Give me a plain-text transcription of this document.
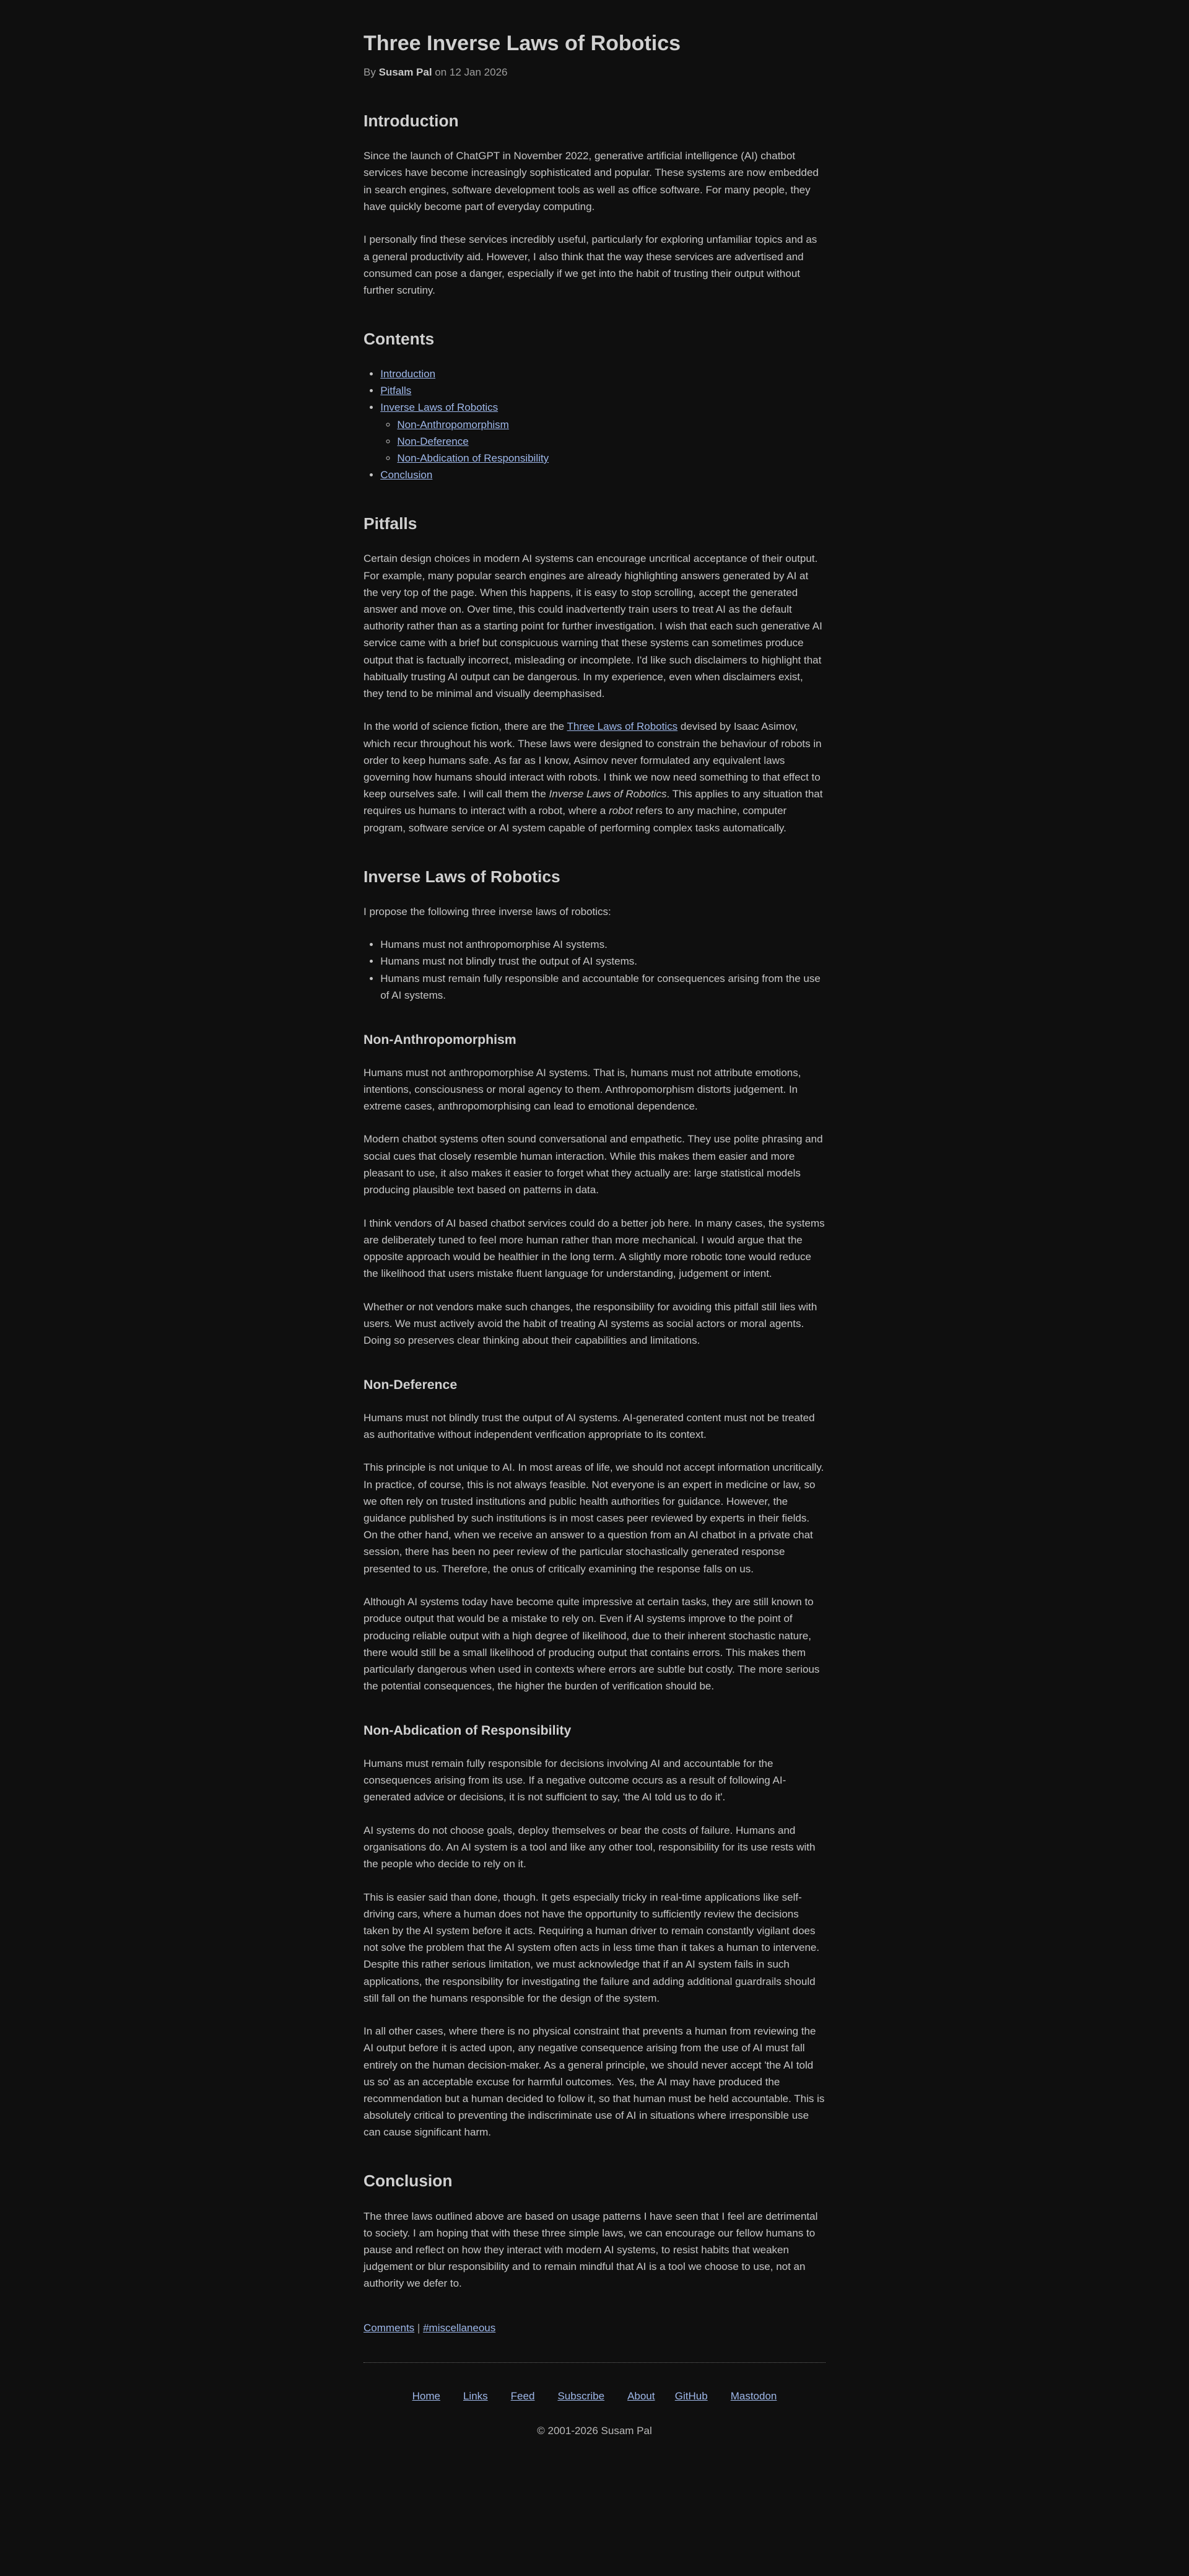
Three Inverse Laws of Robotics

By Susam Pal on 12 Jan 2026

Introduction

Since the launch of ChatGPT in November 2022, generative artificial intelligence (AI) chatbot services have become increasingly sophisticated and popular. These systems are now embedded in search engines, software development tools as well as office software. For many people, they have quickly become part of everyday computing.

I personally find these services incredibly useful, particularly for exploring unfamiliar topics and as a general productivity aid. However, I also think that the way these services are advertised and consumed can pose a danger, especially if we get into the habit of trusting their output without further scrutiny.

Contents
• Introduction
• Pitfalls
• Inverse Laws of Robotics
◦ Non-Anthropomorphism
◦ Non-Deference
◦ Non-Abdication of Responsibility
• Conclusion
Pitfalls

Certain design choices in modern AI systems can encourage uncritical acceptance of their output. For example, many popular search engines are already highlighting answers generated by AI at the very top of the page. When this happens, it is easy to stop scrolling, accept the generated answer and move on. Over time, this could inadvertently train users to treat AI as the default authority rather than as a starting point for further investigation. I wish that each such generative AI service came with a brief but conspicuous warning that these systems can sometimes produce output that is factually incorrect, misleading or incomplete. I'd like such disclaimers to highlight that habitually trusting AI output can be dangerous. In my experience, even when disclaimers exist, they tend to be minimal and visually deemphasised.

In the world of science fiction, there are the Three Laws of Robotics devised by Isaac Asimov, which recur throughout his work. These laws were designed to constrain the behaviour of robots in order to keep humans safe. As far as I know, Asimov never formulated any equivalent laws governing how humans should interact with robots. I think we now need something to that effect to keep ourselves safe. I will call them the Inverse Laws of Robotics. This applies to any situation that requires us humans to interact with a robot, where a robot refers to any machine, computer program, software service or AI system capable of performing complex tasks automatically.

Inverse Laws of Robotics

I propose the following three inverse laws of robotics:

• Humans must not anthropomorphise AI systems.
• Humans must not blindly trust the output of AI systems.
• Humans must remain fully responsible and accountable for consequences arising from the use of AI systems.
Non-Anthropomorphism

Humans must not anthropomorphise AI systems. That is, humans must not attribute emotions, intentions, consciousness or moral agency to them. Anthropomorphism distorts judgement. In extreme cases, anthropomorphising can lead to emotional dependence.

Modern chatbot systems often sound conversational and empathetic. They use polite phrasing and social cues that closely resemble human interaction. While this makes them easier and more pleasant to use, it also makes it easier to forget what they actually are: large statistical models producing plausible text based on patterns in data.

I think vendors of AI based chatbot services could do a better job here. In many cases, the systems are deliberately tuned to feel more human rather than more mechanical. I would argue that the opposite approach would be healthier in the long term. A slightly more robotic tone would reduce the likelihood that users mistake fluent language for understanding, judgement or intent.

Whether or not vendors make such changes, the responsibility for avoiding this pitfall still lies with users. We must actively avoid the habit of treating AI systems as social actors or moral agents. Doing so preserves clear thinking about their capabilities and limitations.

Non-Deference

Humans must not blindly trust the output of AI systems. AI-generated content must not be treated as authoritative without independent verification appropriate to its context.

This principle is not unique to AI. In most areas of life, we should not accept information uncritically. In practice, of course, this is not always feasible. Not everyone is an expert in medicine or law, so we often rely on trusted institutions and public health authorities for guidance. However, the guidance published by such institutions is in most cases peer reviewed by experts in their fields. On the other hand, when we receive an answer to a question from an AI chatbot in a private chat session, there has been no peer review of the particular stochastically generated response presented to us. Therefore, the onus of critically examining the response falls on us.

Although AI systems today have become quite impressive at certain tasks, they are still known to produce output that would be a mistake to rely on. Even if AI systems improve to the point of producing reliable output with a high degree of likelihood, due to their inherent stochastic nature, there would still be a small likelihood of producing output that contains errors. This makes them particularly dangerous when used in contexts where errors are subtle but costly. The more serious the potential consequences, the higher the burden of verification should be.

Non-Abdication of Responsibility

Humans must remain fully responsible for decisions involving AI and accountable for the consequences arising from its use. If a negative outcome occurs as a result of following AI-generated advice or decisions, it is not sufficient to say, 'the AI told us to do it'.

AI systems do not choose goals, deploy themselves or bear the costs of failure. Humans and organisations do. An AI system is a tool and like any other tool, responsibility for its use rests with the people who decide to rely on it.

This is easier said than done, though. It gets especially tricky in real-time applications like self-driving cars, where a human does not have the opportunity to sufficiently review the decisions taken by the AI system before it acts. Requiring a human driver to remain constantly vigilant does not solve the problem that the AI system often acts in less time than it takes a human to intervene. Despite this rather serious limitation, we must acknowledge that if an AI system fails in such applications, the responsibility for investigating the failure and adding additional guardrails should still fall on the humans responsible for the design of the system.

In all other cases, where there is no physical constraint that prevents a human from reviewing the AI output before it is acted upon, any negative consequence arising from the use of AI must fall entirely on the human decision-maker. As a general principle, we should never accept 'the AI told us so' as an acceptable excuse for harmful outcomes. Yes, the AI may have produced the recommendation but a human decided to follow it, so that human must be held accountable. This is absolutely critical to preventing the indiscriminate use of AI in situations where irresponsible use can cause significant harm.

Conclusion

The three laws outlined above are based on usage patterns I have seen that I feel are detrimental to society. I am hoping that with these three simple laws, we can encourage our fellow humans to pause and reflect on how they interact with modern AI systems, to resist habits that weaken judgement or blur responsibility and to remain mindful that AI is a tool we choose to use, not an authority we defer to.

Comments | #miscellaneous

Home Links Feed Subscribe About GitHub Mastodon

© 2001-2026 Susam Pal
